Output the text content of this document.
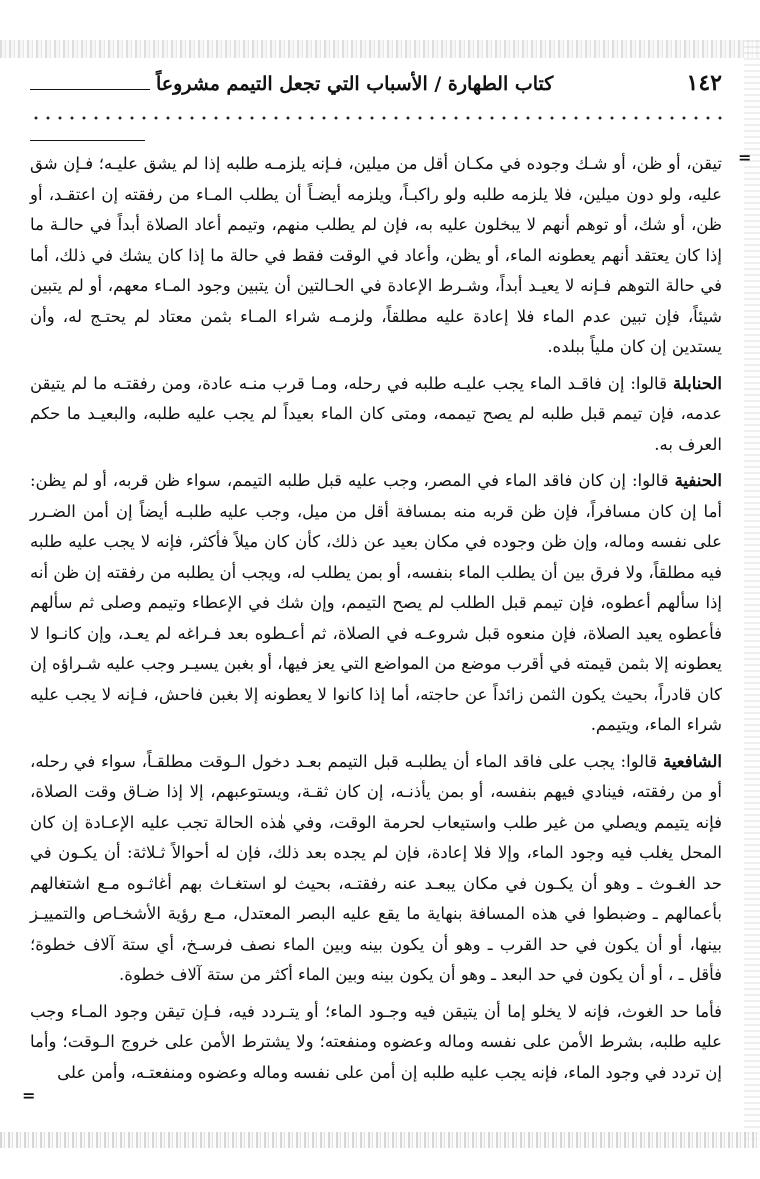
١٤٢
كتاب الطهارة / الأسباب التي تجعل التيمم مشروعاً

تيقن، أو ظن، أو شـك وجوده في مكـان أقل من ميلين، فـإنه يلزمـه طلبه إذا لم يشق عليـه؛ فـإن شق عليه، ولو دون ميلين، فلا يلزمه طلبه ولو راكبـاً، ويلزمه أيضـاً أن يطلب المـاء من رفقته إن اعتقـد، أو ظن، أو شك، أو توهم أنهم لا يبخلون عليه به، فإن لم يطلب منهم، وتيمم أعاد الصلاة أبداً في حالـة ما إذا كان يعتقد أنهم يعطونه الماء، أو يظن، وأعاد في الوقت فقط في حالة ما إذا كان يشك في ذلك، أما في حالة التوهم فـإنه لا يعيـد أبداً، وشـرط الإعادة في الحـالتين أن يتبين وجود المـاء معهم، أو لم يتبين شيئاً، فإن تبين عدم الماء فلا إعادة عليه مطلقاً، ولزمـه شراء المـاء بثمن معتاد لم يحتـج له، وأن يستدين إن كان ملياً ببلده.

الحنابلة قالوا: إن فاقـد الماء يجب عليـه طلبه في رحله، ومـا قرب منـه عادة، ومن رفقتـه ما لم يتيقن عدمه، فإن تيمم قبل طلبه لم يصح تيممه، ومتى كان الماء بعيداً لم يجب عليه طلبه، والبعيـد ما حكم العرف به.

الحنفية قالوا: إن كان فاقد الماء في المصر، وجب عليه قبل طلبه التيمم، سواء ظن قربه، أو لم يظن: أما إن كان مسافراً، فإن ظن قربه منه بمسافة أقل من ميل، وجب عليه طلبـه أيضاً إن أمن الضـرر على نفسه وماله، وإن ظن وجوده في مكان بعيد عن ذلك، كأن كان ميلاً فأكثر، فإنه لا يجب عليه طلبه فيه مطلقاً، ولا فرق بين أن يطلب الماء بنفسه، أو بمن يطلب له، ويجب أن يطلبه من رفقته إن ظن أنه إذا سألهم أعطوه، فإن تيمم قبل الطلب لم يصح التيمم، وإن شك في الإعطاء وتيمم وصلى ثم سألهم فأعطوه يعيد الصلاة، فإن منعوه قبل شروعـه في الصلاة، ثم أعـطوه بعد فـراغه لم يعـد، وإن كانـوا لا يعطونه إلا بثمن قيمته في أقرب موضع من المواضع التي يعز فيها، أو بغبن يسيـر وجب عليه شـراؤه إن كان قادراً، بحيث يكون الثمن زائداً عن حاجته، أما إذا كانوا لا يعطونه إلا بغبن فاحش، فـإنه لا يجب عليه شراء الماء، ويتيمم.

الشافعية قالوا: يجب على فاقد الماء أن يطلبـه قبل التيمم بعـد دخول الـوقت مطلقـاً، سواء في رحله، أو من رفقته، فينادي فيهم بنفسه، أو بمن يأذنـه، إن كان ثقـة، ويستوعبهم، إلا إذا ضـاق وقت الصلاة، فإنه يتيمم ويصلي من غير طلب واستيعاب لحرمة الوقت، وفي هٰذه الحالة تجب عليه الإعـادة إن كان المحل يغلب فيه وجود الماء، وإلا فلا إعادة، فإن لم يجده بعد ذلك، فإن له أحوالاً ثـلاثة: أن يكـون في حد الغـوث ـ وهو أن يكـون في مكان يبعـد عنه رفقتـه، بحيث لو استغـاث بهم أغاثـوه مـع اشتغالهم بأعمالهم ـ وضبطوا في هذه المسافة بنهاية ما يقع عليه البصر المعتدل، مـع رؤية الأشخـاص والتمييـز بينها، أو أن يكون في حد القرب ـ وهو أن يكون بينه وبين الماء نصف فرسـخ، أي ستة آلاف خطوة؛ فأقل ـ ، أو أن يكون في حد البعد ـ وهو أن يكون بينه وبين الماء أكثر من ستة آلاف خطوة.

فأما حد الغوث، فإنه لا يخلو إما أن يتيقن فيه وجـود الماء؛ أو يتـردد فيه، فـإن تيقن وجود المـاء وجب عليه طلبه، بشرط الأمن على نفسه وماله وعضوه ومنفعته؛ ولا يشترط الأمن على خروج الـوقت؛ وأما إن تردد في وجود الماء، فإنه يجب عليه طلبه إن أمن على نفسه وماله وعضوه ومنفعتـه، وأمن على

=
=
